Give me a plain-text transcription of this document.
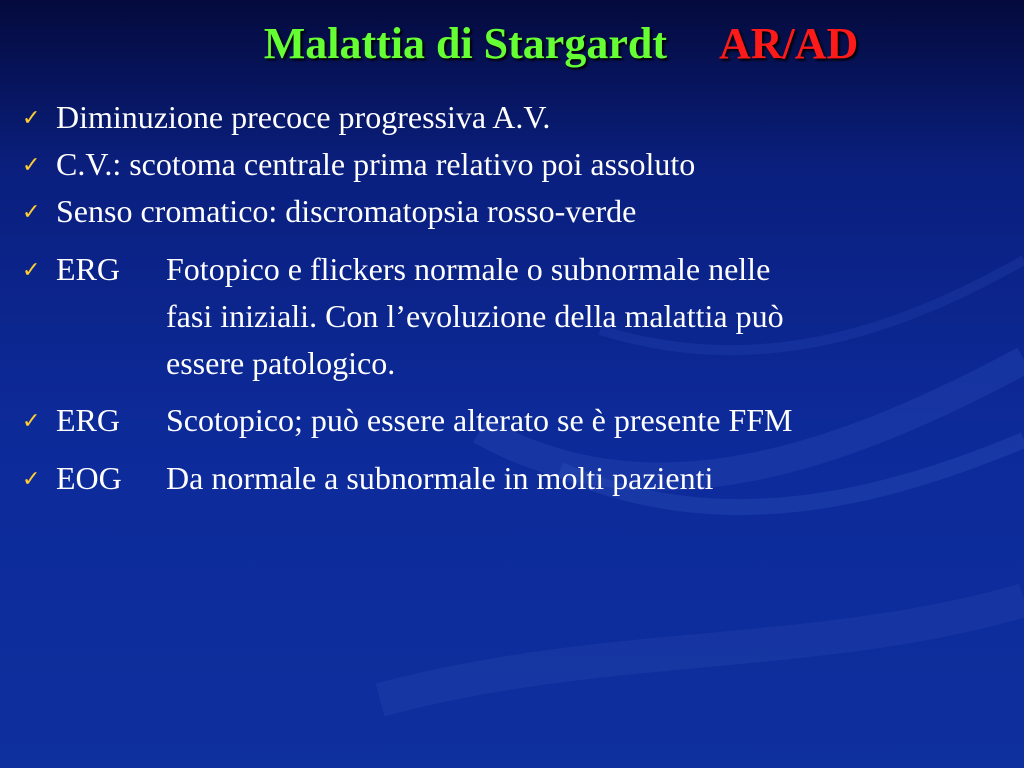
Malattia di Stargardt AR/AD
✓ Diminuzione precoce progressiva A.V.
✓ C.V.: scotoma centrale prima relativo poi assoluto
✓ Senso cromatico: discromatopsia rosso-verde
✓ ERG	Fotopico e flickers normale o subnormale nelle
fasi iniziali. Con l’evoluzione della malattia può
essere patologico.
✓ ERG	Scotopico; può essere alterato se è presente FFM
✓ EOG	Da normale a subnormale in molti pazienti
